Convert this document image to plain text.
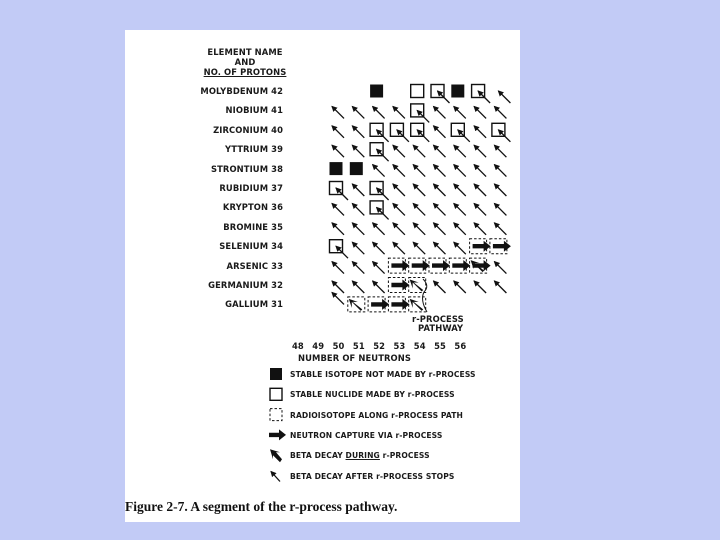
ELEMENT NAME
AND
NO. OF PROTONS
MOLYBDENUM 42
NIOBIUM 41
ZIRCONIUM 40
YTTRIUM 39
STRONTIUM 38
RUBIDIUM 37
KRYPTON 36
BROMINE 35
SELENIUM 34
ARSENIC 33
GERMANIUM 32
GALLIUM 31
48 49 50 51 52 53 54 55 56
NUMBER OF NEUTRONS
r-PROCESS
PATHWAY
STABLE ISOTOPE NOT MADE BY r-PROCESS
STABLE NUCLIDE MADE BY r-PROCESS
RADIOISOTOPE ALONG r-PROCESS PATH
NEUTRON CAPTURE VIA r-PROCESS
BETA DECAY DURING r-PROCESS
BETA DECAY AFTER r-PROCESS STOPS
Figure 2-7. A segment of the r-process pathway.
